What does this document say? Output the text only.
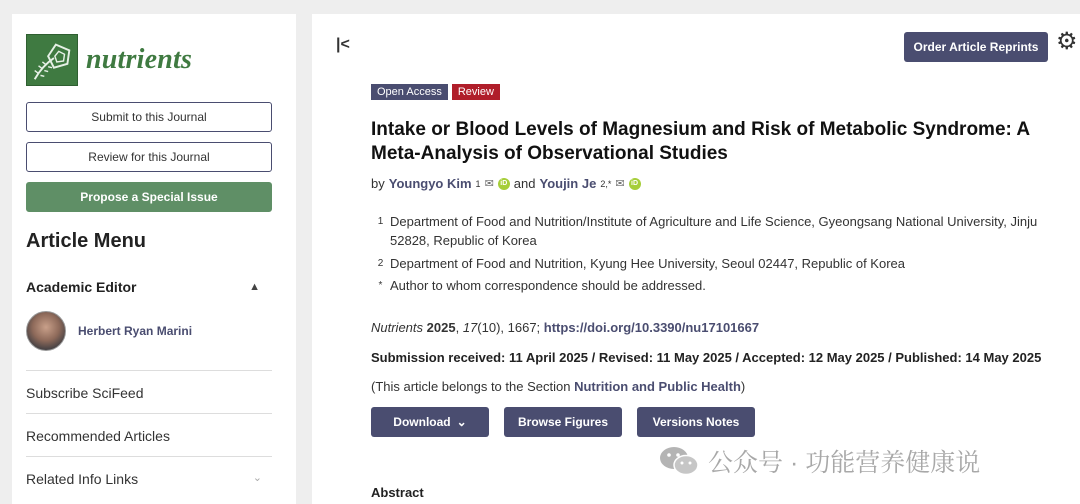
nutrients
Submit to this Journal
Review for this Journal
Propose a Special Issue
Article Menu
Academic Editor	▲
Herbert Ryan Marini
Subscribe SciFeed
Recommended Articles
Related Info Links	⌄
|<	Order Article Reprints ⚙
Open Access	Review
Intake or Blood Levels of Magnesium and Risk of Metabolic Syndrome: A Meta-Analysis of Observational Studies
by Youngyo Kim 1 ✉ iD and Youjin Je 2,* ✉ iD
1 Department of Food and Nutrition/Institute of Agriculture and Life Science, Gyeongsang National University, Jinju 52828, Republic of Korea
2 Department of Food and Nutrition, Kyung Hee University, Seoul 02447, Republic of Korea
* Author to whom correspondence should be addressed.
Nutrients 2025, 17(10), 1667; https://doi.org/10.3390/nu17101667
Submission received: 11 April 2025 / Revised: 11 May 2025 / Accepted: 12 May 2025 / Published: 14 May 2025
(This article belongs to the Section Nutrition and Public Health)
Download ⌄	Browse Figures	Versions Notes
Abstract
公众号 · 功能营养健康说
